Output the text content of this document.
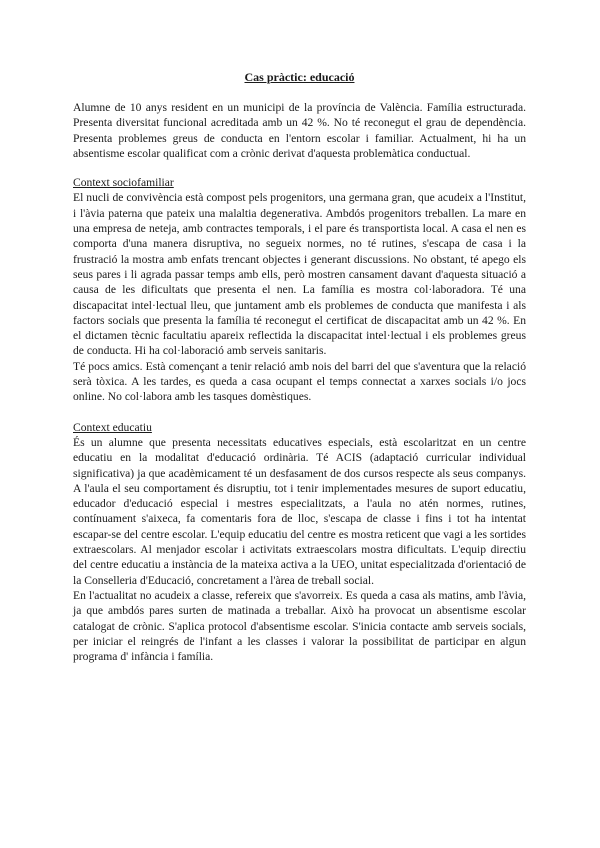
Cas pràctic: educació

Alumne de 10 anys resident en un municipi de la província de València. Família estructurada. Presenta diversitat funcional acreditada amb un 42 %. No té reconegut el grau de dependència. Presenta problemes greus de conducta en l'entorn escolar i familiar. Actualment, hi ha un absentisme escolar qualificat com a crònic derivat d'aquesta problemàtica conductual.

Context sociofamiliar

El nucli de convivència està compost pels progenitors, una germana gran, que acudeix a l'Institut, i l'àvia paterna que pateix una malaltia degenerativa. Ambdós progenitors treballen. La mare en una empresa de neteja, amb contractes temporals, i el pare és transportista local. A casa el nen es comporta d'una manera disruptiva, no segueix normes, no té rutines, s'escapa de casa i la frustració la mostra amb enfats trencant objectes i generant discussions. No obstant, té apego els seus pares i li agrada passar temps amb ells, però mostren cansament davant d'aquesta situació a causa de les dificultats que presenta el nen. La família es mostra col·laboradora. Té una discapacitat intel·lectual lleu, que juntament amb els problemes de conducta que manifesta i als factors socials que presenta la família té reconegut el certificat de discapacitat amb un 42 %. En el dictamen tècnic facultatiu apareix reflectida la discapacitat intel·lectual i els problemes greus de conducta. Hi ha col·laboració amb serveis sanitaris.

Té pocs amics. Està començant a tenir relació amb nois del barri del que s'aventura que la relació serà tòxica. A les tardes, es queda a casa ocupant el temps connectat a xarxes socials i/o jocs online. No col·labora amb les tasques domèstiques.

Context educatiu

És un alumne que presenta necessitats educatives especials, està escolaritzat en un centre educatiu en la modalitat d'educació ordinària. Té ACIS (adaptació curricular individual significativa) ja que acadèmicament té un desfasament de dos cursos respecte als seus companys. A l'aula el seu comportament és disruptiu, tot i tenir implementades mesures de suport educatiu, educador d'educació especial i mestres especialitzats, a l'aula no atén normes, rutines, contínuament s'aixeca, fa comentaris fora de lloc, s'escapa de classe i fins i tot ha intentat escapar-se del centre escolar. L'equip educatiu del centre es mostra reticent que vagi a les sortides extraescolars. Al menjador escolar i activitats extraescolars mostra dificultats. L'equip directiu del centre educatiu a instància de la mateixa activa a la UEO, unitat especialitzada d'orientació de la Conselleria d'Educació, concretament a l'àrea de treball social.

En l'actualitat no acudeix a classe, refereix que s'avorreix. Es queda a casa als matins, amb l'àvia, ja que ambdós pares surten de matinada a treballar. Això ha provocat un absentisme escolar catalogat de crònic. S'aplica protocol d'absentisme escolar. S'inicia contacte amb serveis socials, per iniciar el reingrés de l'infant a les classes i valorar la possibilitat de participar en algun programa d' infància i família.
